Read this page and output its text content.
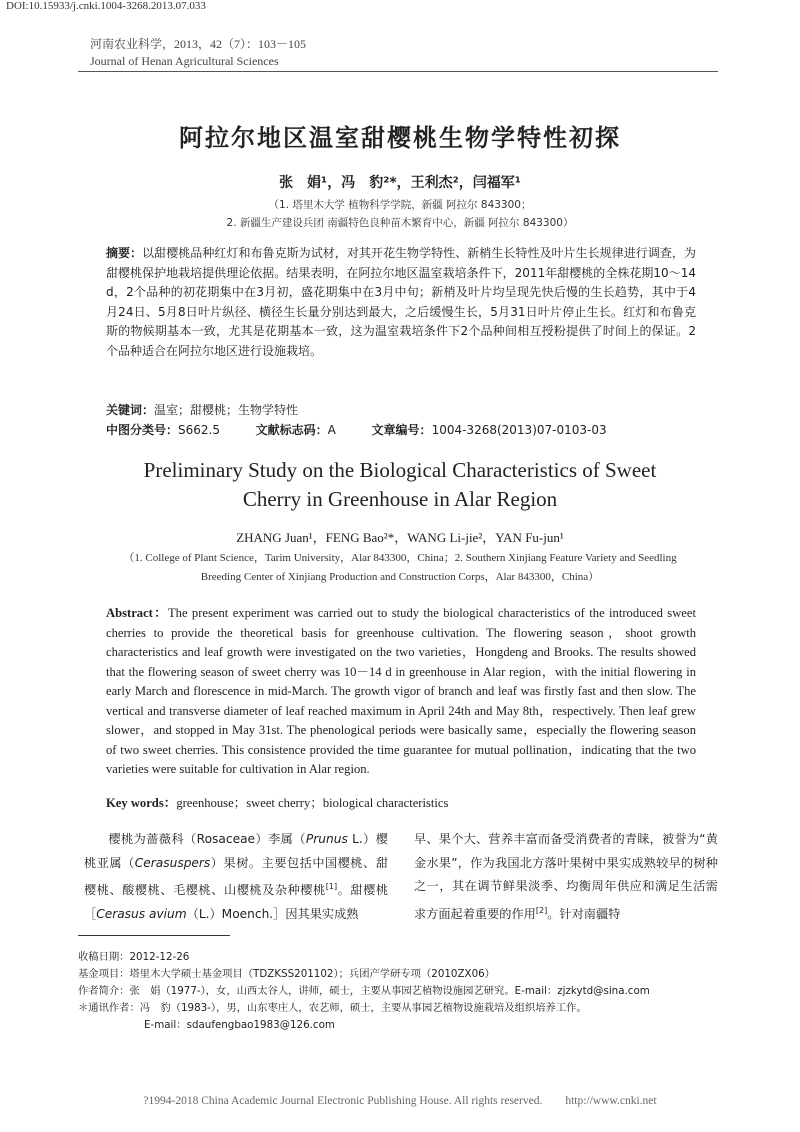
DOI:10.15933/j.cnki.1004-3268.2013.07.033
河南农业科学，2013，42（7）：103－105
Journal of Henan Agricultural Sciences
阿拉尔地区温室甜樱桃生物学特性初探
张　娟¹，冯　豹²*，王利杰²，闫福军¹
（1. 塔里木大学 植物科学学院，新疆 阿拉尔 843300；
2. 新疆生产建设兵团 南疆特色良种苗木繁育中心，新疆 阿拉尔 843300）
摘要：以甜樱桃品种红灯和布鲁克斯为试材，对其开花生物学特性、新梢生长特性及叶片生长规律进行调查，为甜樱桃保护地栽培提供理论依据。结果表明，在阿拉尔地区温室栽培条件下，2011年甜樱桃的全株花期10～14 d，2个品种的初花期集中在3月初，盛花期集中在3月中旬；新梢及叶片均呈现先快后慢的生长趋势，其中于4月24日、5月8日叶片纵径、横径生长量分别达到最大，之后缓慢生长，5月31日叶片停止生长。红灯和布鲁克斯的物候期基本一致，尤其是花期基本一致，这为温室栽培条件下2个品种间相互授粉提供了时间上的保证。2个品种适合在阿拉尔地区进行设施栽培。
关键词：温室；甜樱桃；生物学特性
中图分类号：S662.5	文献标志码：A	文章编号：1004-3268(2013)07-0103-03
Preliminary Study on the Biological Characteristics of Sweet Cherry in Greenhouse in Alar Region
ZHANG Juan¹，FENG Bao²*，WANG Li-jie²，YAN Fu-jun¹
（1. College of Plant Science，Tarim University，Alar 843300，China；2. Southern Xinjiang Feature Variety and Seedling Breeding Center of Xinjiang Production and Construction Corps，Alar 843300，China）
Abstract：The present experiment was carried out to study the biological characteristics of the introduced sweet cherries to provide the theoretical basis for greenhouse cultivation. The flowering season，shoot growth characteristics and leaf growth were investigated on the two varieties，Hongdeng and Brooks. The results showed that the flowering season of sweet cherry was 10－14 d in greenhouse in Alar region，with the initial flowering in early March and florescence in mid-March. The growth vigor of branch and leaf was firstly fast and then slow. The vertical and transverse diameter of leaf reached maximum in April 24th and May 8th，respectively. Then leaf grew slower，and stopped in May 31st. The phenological periods were basically same，especially the flowering season of two sweet cherries. This consistence provided the time guarantee for mutual pollination，indicating that the two varieties were suitable for cultivation in Alar region.
Key words：greenhouse；sweet cherry；biological characteristics
樱桃为蔷薇科（Rosaceae）李属（Prunus L.）樱桃亚属（Cerasuspers）果树。主要包括中国樱桃、甜樱桃、酸樱桃、毛樱桃、山樱桃及杂种樱桃[1]。甜樱桃［Cerasus avium（L.）Moench.］因其果实成熟
早、果个大、营养丰富而备受消费者的青睐，被誉为“黄金水果”，作为我国北方落叶果树中果实成熟较早的树种之一，其在调节鲜果淡季、均衡周年供应和满足生活需求方面起着重要的作用[2]。针对南疆特
收稿日期：2012-12-26
基金项目：塔里木大学硕士基金项目（TDZKSS201102）；兵团产学研专项（2010ZX06）
作者简介：张　娟（1977-），女，山西太谷人，讲师，硕士，主要从事园艺植物设施园艺研究。E-mail：zjzkytd@sina.com
＊通讯作者：冯　豹（1983-），男，山东枣庄人，农艺师，硕士，主要从事园艺植物设施栽培及组织培养工作。
E-mail：sdaufengbao1983@126.com
?1994-2018 China Academic Journal Electronic Publishing House. All rights reserved.　　http://www.cnki.net
